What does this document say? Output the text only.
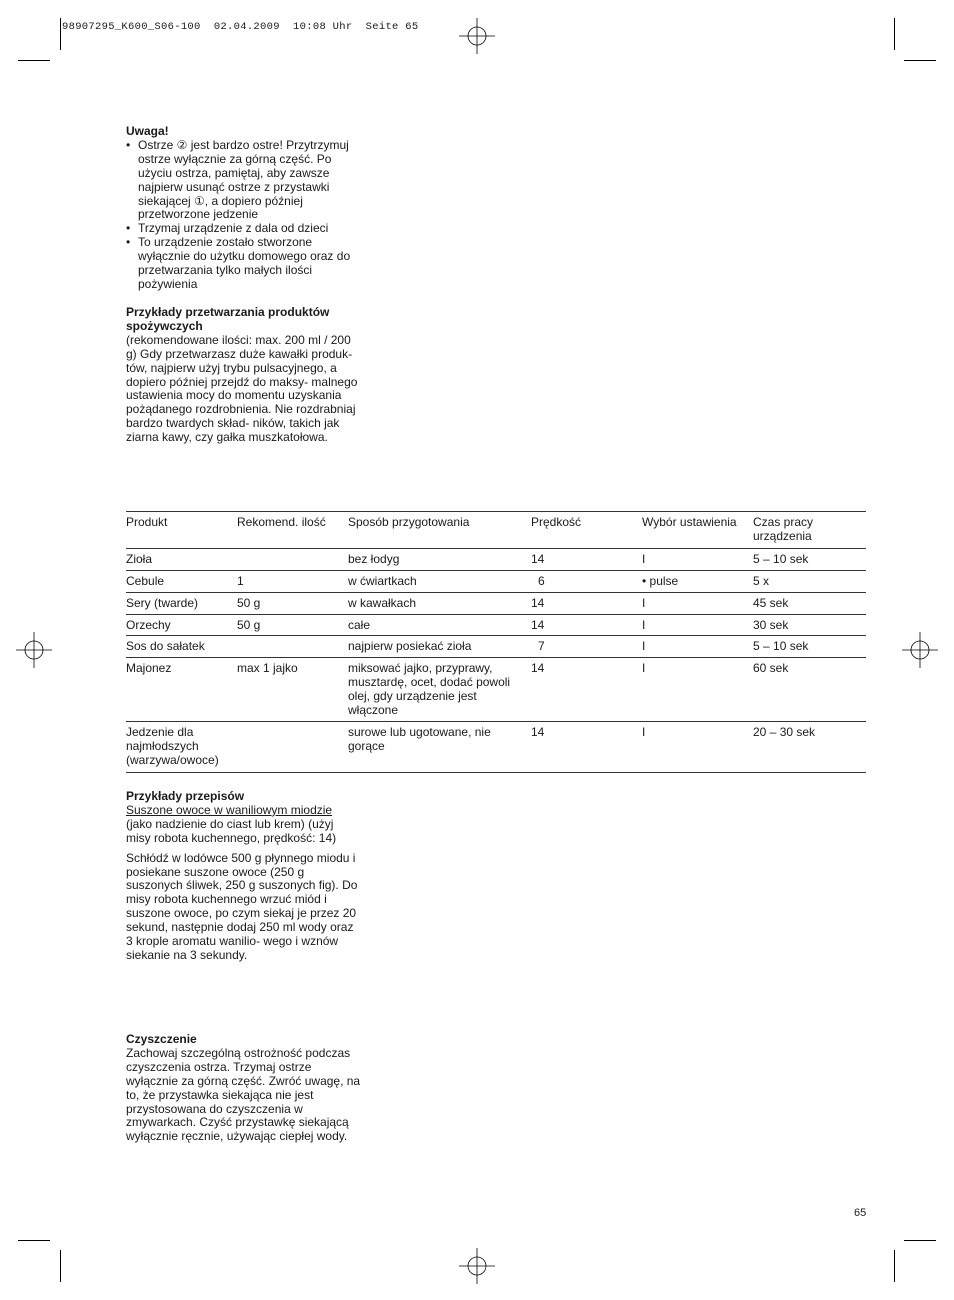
98907295_K600_S06-100  02.04.2009  10:08 Uhr  Seite 65
Uwaga!
• Ostrze ② jest bardzo ostre! Przytrzymuj ostrze wyłącznie za górną część. Po użyciu ostrza, pamiętaj, aby zawsze najpierw usunąć ostrze z przystawki siekającej ①, a dopiero później przetworzone jedzenie
• Trzymaj urządzenie z dala od dzieci
• To urządzenie zostało stworzone wyłącznie do użytku domowego oraz do przetwarzania tylko małych ilości pożywienia
Przykłady przetwarzania produktów spożywczych

(rekomendowane ilości: max. 200 ml / 200 g) Gdy przetwarzasz duże kawałki produk- tów, najpierw użyj trybu pulsacyjnego, a dopiero później przejdź do maksy- malnego ustawienia mocy do momentu uzyskania pożądanego rozdrobnienia. Nie rozdrabniaj bardzo twardych skład- ników, takich jak ziarna kawy, czy gałka muszkatołowa.

Produkt	Rekomend. ilość	Sposób przygotowania	Prędkość	Wybór ustawienia	Czas pracy urządzenia
Zioła		bez łodyg	14	I	5 – 10 sek
Cebule	1	w ćwiartkach	6	• pulse	5 x
Sery (twarde)	50 g	w kawałkach	14	I	45 sek
Orzechy	50 g	całe	14	I	30 sek
Sos do sałatek		najpierw posiekać zioła	7	I	5 – 10 sek
Majonez	max 1 jajko	miksować jajko, przyprawy, musztardę, ocet, dodać powoli olej, gdy urządzenie jest włączone	14	I	60 sek
Jedzenie dla najmłodszych (warzywa/owoce)		surowe lub ugotowane, nie gorące	14	I	20 – 30 sek
Przykłady przepisów
Suszone owoce w waniliowym miodzie

(jako nadzienie do ciast lub krem) (użyj misy robota kuchennego, prędkość: 14)

Schłódź w lodówce 500 g płynnego miodu i posiekane suszone owoce (250 g suszonych śliwek, 250 g suszonych fig). Do misy robota kuchennego wrzuć miód i suszone owoce, po czym siekaj je przez 20 sekund, następnie dodaj 250 ml wody oraz 3 krople aromatu wanilio- wego i wznów siekanie na 3 sekundy.

Czyszczenie

Zachowaj szczególną ostrożność podczas czyszczenia ostrza. Trzymaj ostrze wyłącznie za górną część. Zwróć uwagę, na to, że przystawka siekająca nie jest przystosowana do czyszczenia w zmywarkach. Czyść przystawkę siekającą wyłącznie ręcznie, używając ciepłej wody.

65
